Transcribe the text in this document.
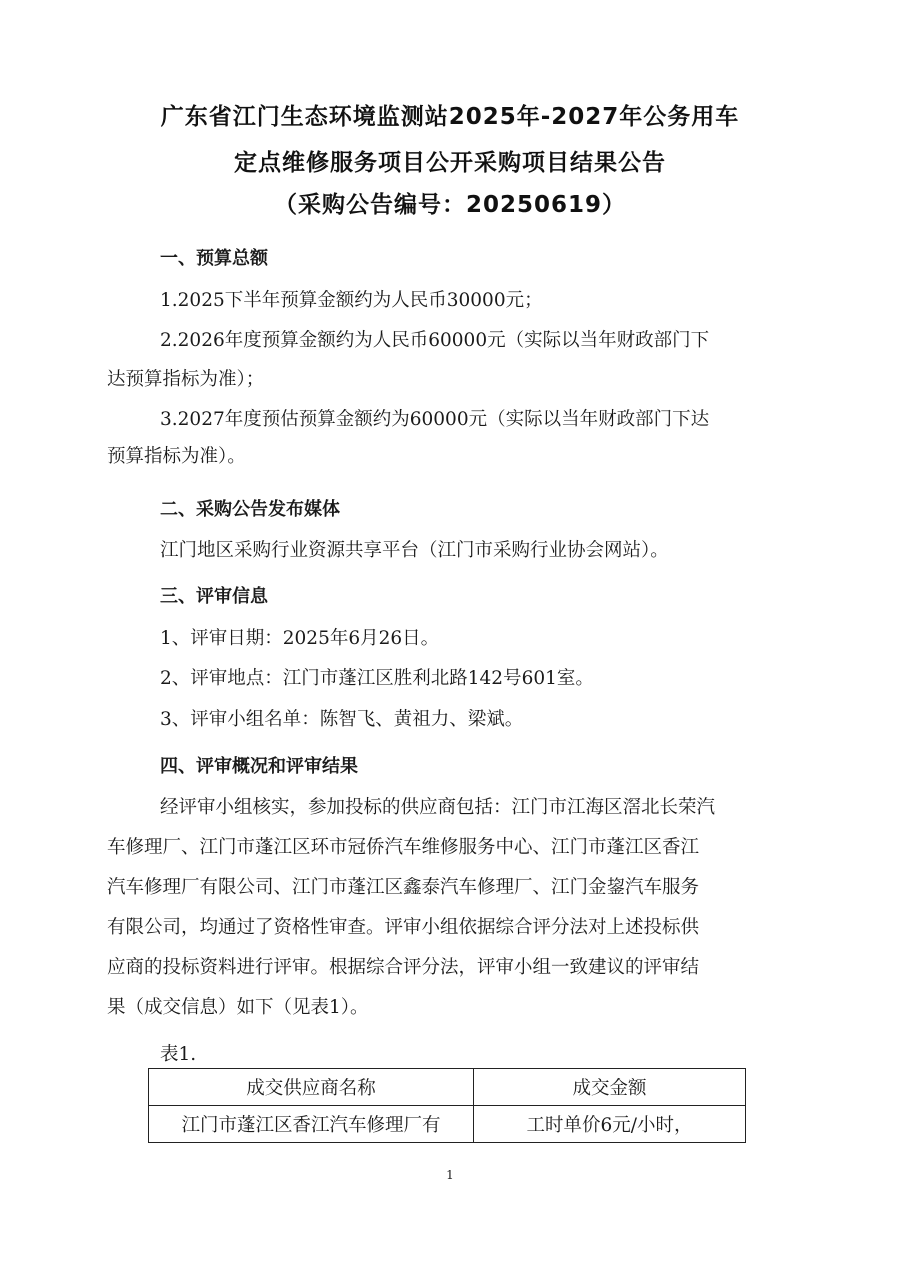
广东省江门生态环境监测站2025年-2027年公务用车
定点维修服务项目公开采购项目结果公告
（采购公告编号：20250619）
一、预算总额
1.2025下半年预算金额约为人民币30000元；
2.2026年度预算金额约为人民币60000元（实际以当年财政部门下
达预算指标为准）；
3.2027年度预估预算金额约为60000元（实际以当年财政部门下达
预算指标为准）。
二、采购公告发布媒体
江门地区采购行业资源共享平台（江门市采购行业协会网站）。
三、评审信息
1、评审日期：2025年6月26日。
2、评审地点：江门市蓬江区胜利北路142号601室。
3、评审小组名单：陈智飞、黄祖力、梁斌。
四、评审概况和评审结果
经评审小组核实，参加投标的供应商包括：江门市江海区滘北长荣汽
车修理厂、江门市蓬江区环市冠侨汽车维修服务中心、江门市蓬江区香江
汽车修理厂有限公司、江门市蓬江区鑫泰汽车修理厂、江门金鋆汽车服务
有限公司，均通过了资格性审查。评审小组依据综合评分法对上述投标供
应商的投标资料进行评审。根据综合评分法，评审小组一致建议的评审结
果（成交信息）如下（见表1）。
表1.
成交供应商名称	成交金额
江门市蓬江区香江汽车修理厂有	工时单价6元/小时，
1
